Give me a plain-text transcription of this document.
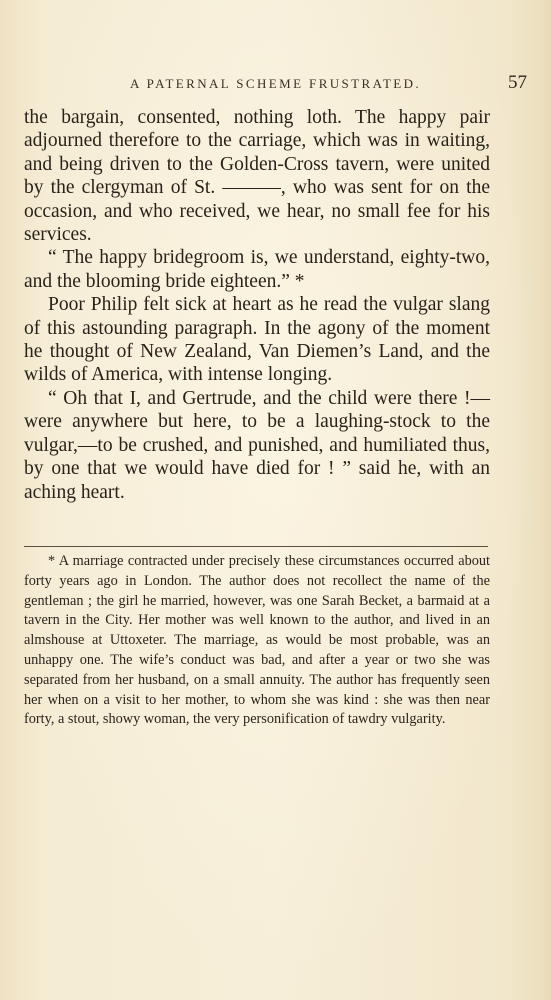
A PATERNAL SCHEME FRUSTRATED.	57

the bargain, consented, nothing loth. The happy pair adjourned therefore to the carriage, which was in waiting, and being driven to the Golden-Cross tavern, were united by the clergyman of St. ———, who was sent for on the occasion, and who received, we hear, no small fee for his services.

“ The happy bridegroom is, we understand, eighty-two, and the blooming bride eighteen.” *

Poor Philip felt sick at heart as he read the vulgar slang of this astounding paragraph. In the agony of the moment he thought of New Zealand, Van Diemen’s Land, and the wilds of America, with intense longing.

“ Oh that I, and Gertrude, and the child were there !—were anywhere but here, to be a laughing-stock to the vulgar,—to be crushed, and punished, and humiliated thus, by one that we would have died for ! ” said he, with an aching heart.

* A marriage contracted under precisely these circumstances occurred about forty years ago in London. The author does not recollect the name of the gentleman ; the girl he married, however, was one Sarah Becket, a barmaid at a tavern in the City. Her mother was well known to the author, and lived in an almshouse at Uttoxeter. The marriage, as would be most probable, was an unhappy one. The wife’s conduct was bad, and after a year or two she was separated from her husband, on a small annuity. The author has frequently seen her when on a visit to her mother, to whom she was kind : she was then near forty, a stout, showy woman, the very personification of tawdry vulgarity.
